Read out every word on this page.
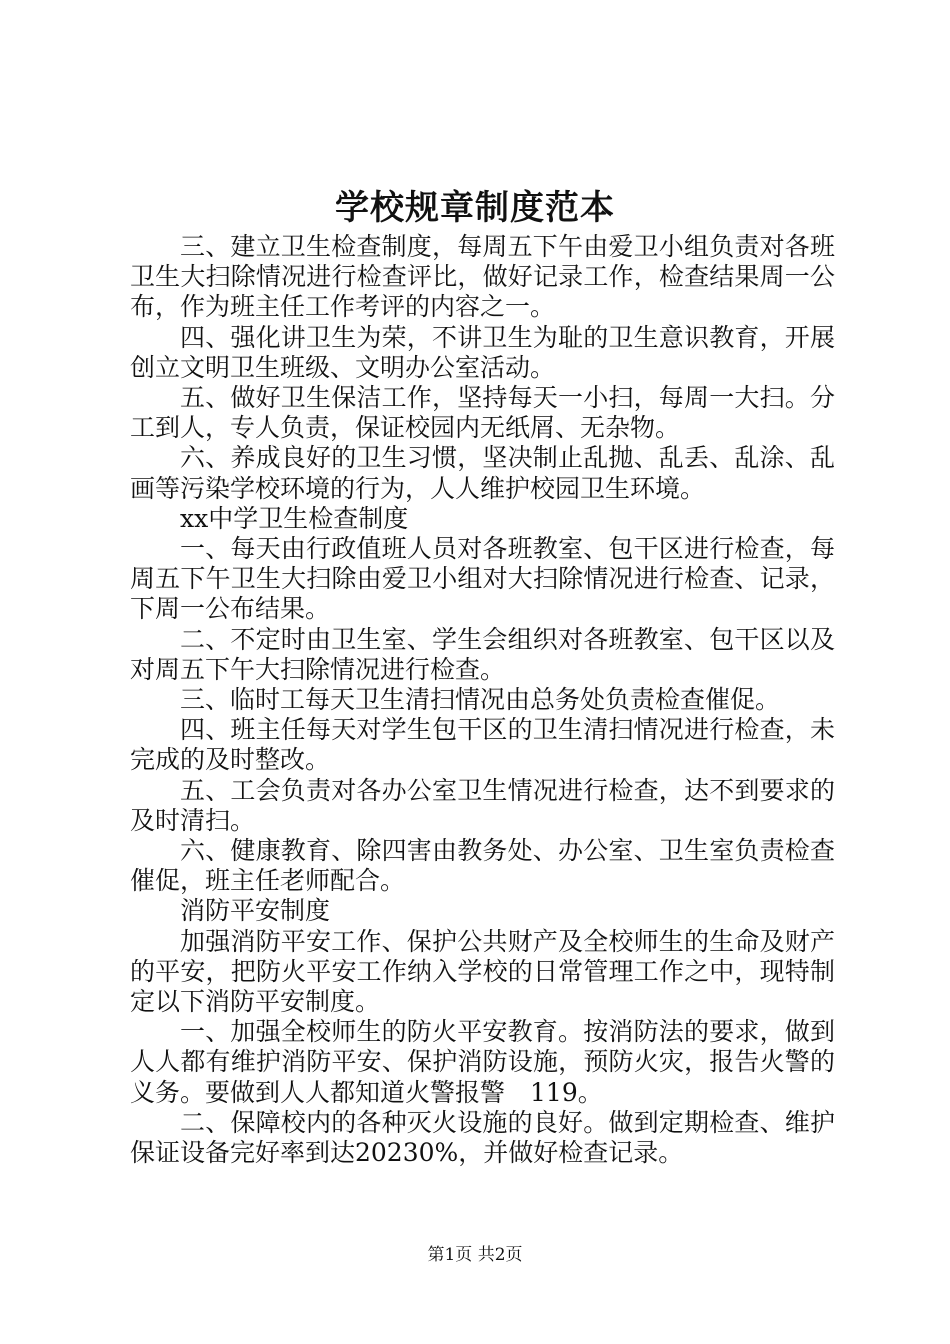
学校规章制度范本

三、建立卫生检查制度，每周五下午由爱卫小组负责对各班卫生大扫除情况进行检查评比，做好记录工作，检查结果周一公布，作为班主任工作考评的内容之一。

四、强化讲卫生为荣，不讲卫生为耻的卫生意识教育，开展创立文明卫生班级、文明办公室活动。

五、做好卫生保洁工作，坚持每天一小扫，每周一大扫。分工到人，专人负责，保证校园内无纸屑、无杂物。

六、养成良好的卫生习惯，坚决制止乱抛、乱丢、乱涂、乱画等污染学校环境的行为，人人维护校园卫生环境。

xx中学卫生检查制度

一、每天由行政值班人员对各班教室、包干区进行检查，每周五下午卫生大扫除由爱卫小组对大扫除情况进行检查、记录，下周一公布结果。

二、不定时由卫生室、学生会组织对各班教室、包干区以及对周五下午大扫除情况进行检查。

三、临时工每天卫生清扫情况由总务处负责检查催促。

四、班主任每天对学生包干区的卫生清扫情况进行检查，未完成的及时整改。

五、工会负责对各办公室卫生情况进行检查，达不到要求的及时清扫。

六、健康教育、除四害由教务处、办公室、卫生室负责检查催促，班主任老师配合。

消防平安制度

加强消防平安工作、保护公共财产及全校师生的生命及财产的平安，把防火平安工作纳入学校的日常管理工作之中，现特制定以下消防平安制度。

一、加强全校师生的防火平安教育。按消防法的要求，做到人人都有维护消防平安、保护消防设施，预防火灾，报告火警的义务。要做到人人都知道火警报警　119。

二、保障校内的各种灭火设施的良好。做到定期检查、维护保证设备完好率到达20230%，并做好检查记录。

第1页 共2页
